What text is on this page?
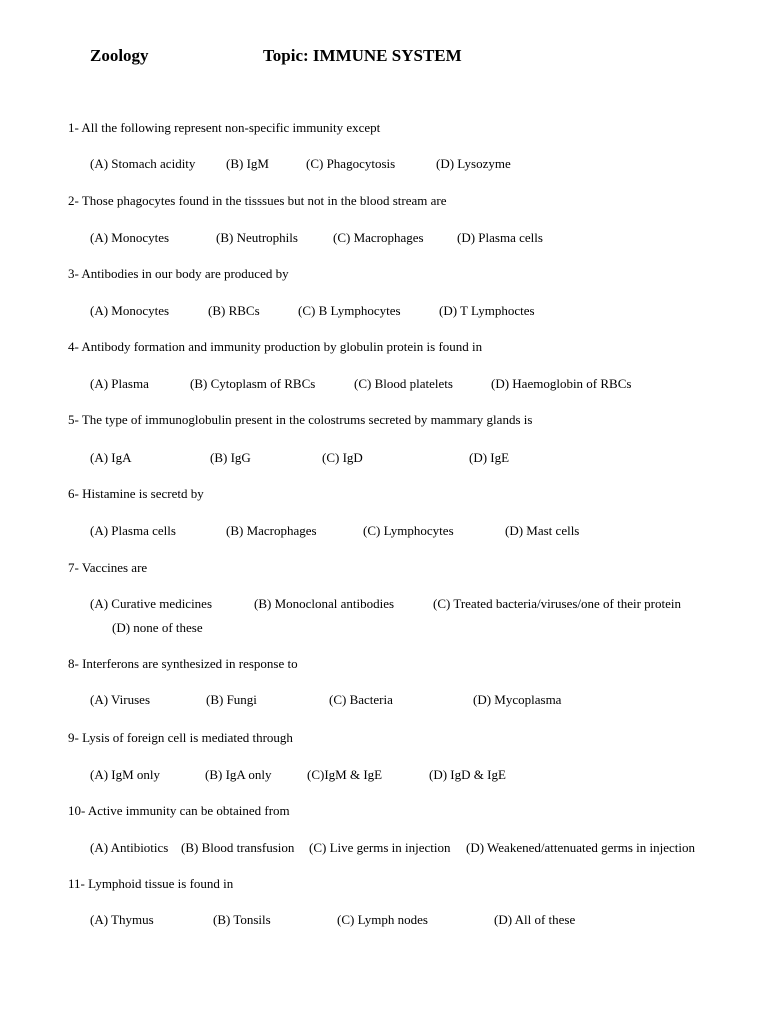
Zoology	Topic: IMMUNE SYSTEM
1- All the following represent non-specific immunity except
(A) Stomach acidity (B) IgM	(C) Phagocytosis	(D) Lysozyme
2- Those phagocytes found in the tisssues but not in the blood stream are
(A) Monocytes	(B) Neutrophils	(C) Macrophages	(D) Plasma cells
3- Antibodies in our body are produced by
(A) Monocytes	(B) RBCs	(C) B Lymphocytes	(D) T Lymphoctes
4- Antibody formation and immunity production by globulin protein is found in
(A) Plasma	(B) Cytoplasm of RBCs	(C) Blood platelets	(D) Haemoglobin of RBCs
5- The type of immunoglobulin present in the colostrums secreted by mammary glands is
(A) IgA	(B) IgG	(C) IgD	(D) IgE
6- Histamine is secretd by
(A) Plasma cells	(B) Macrophages	(C) Lymphocytes	(D) Mast cells
7- Vaccines are
(A) Curative medicines	(B) Monoclonal antibodies	(C) Treated bacteria/viruses/one of their protein
(D) none of these
8- Interferons are synthesized in response to
(A) Viruses	(B) Fungi	(C) Bacteria	(D) Mycoplasma
9- Lysis of foreign cell is mediated through
(A) IgM only	(B) IgA only	(C)IgM & IgE	(D) IgD & IgE
10- Active immunity can be obtained from
(A) Antibiotics (B) Blood transfusion (C) Live germs in injection (D) Weakened/attenuated germs in injection
11- Lymphoid tissue is found in
(A) Thymus	(B) Tonsils	(C) Lymph nodes	(D) All of these
